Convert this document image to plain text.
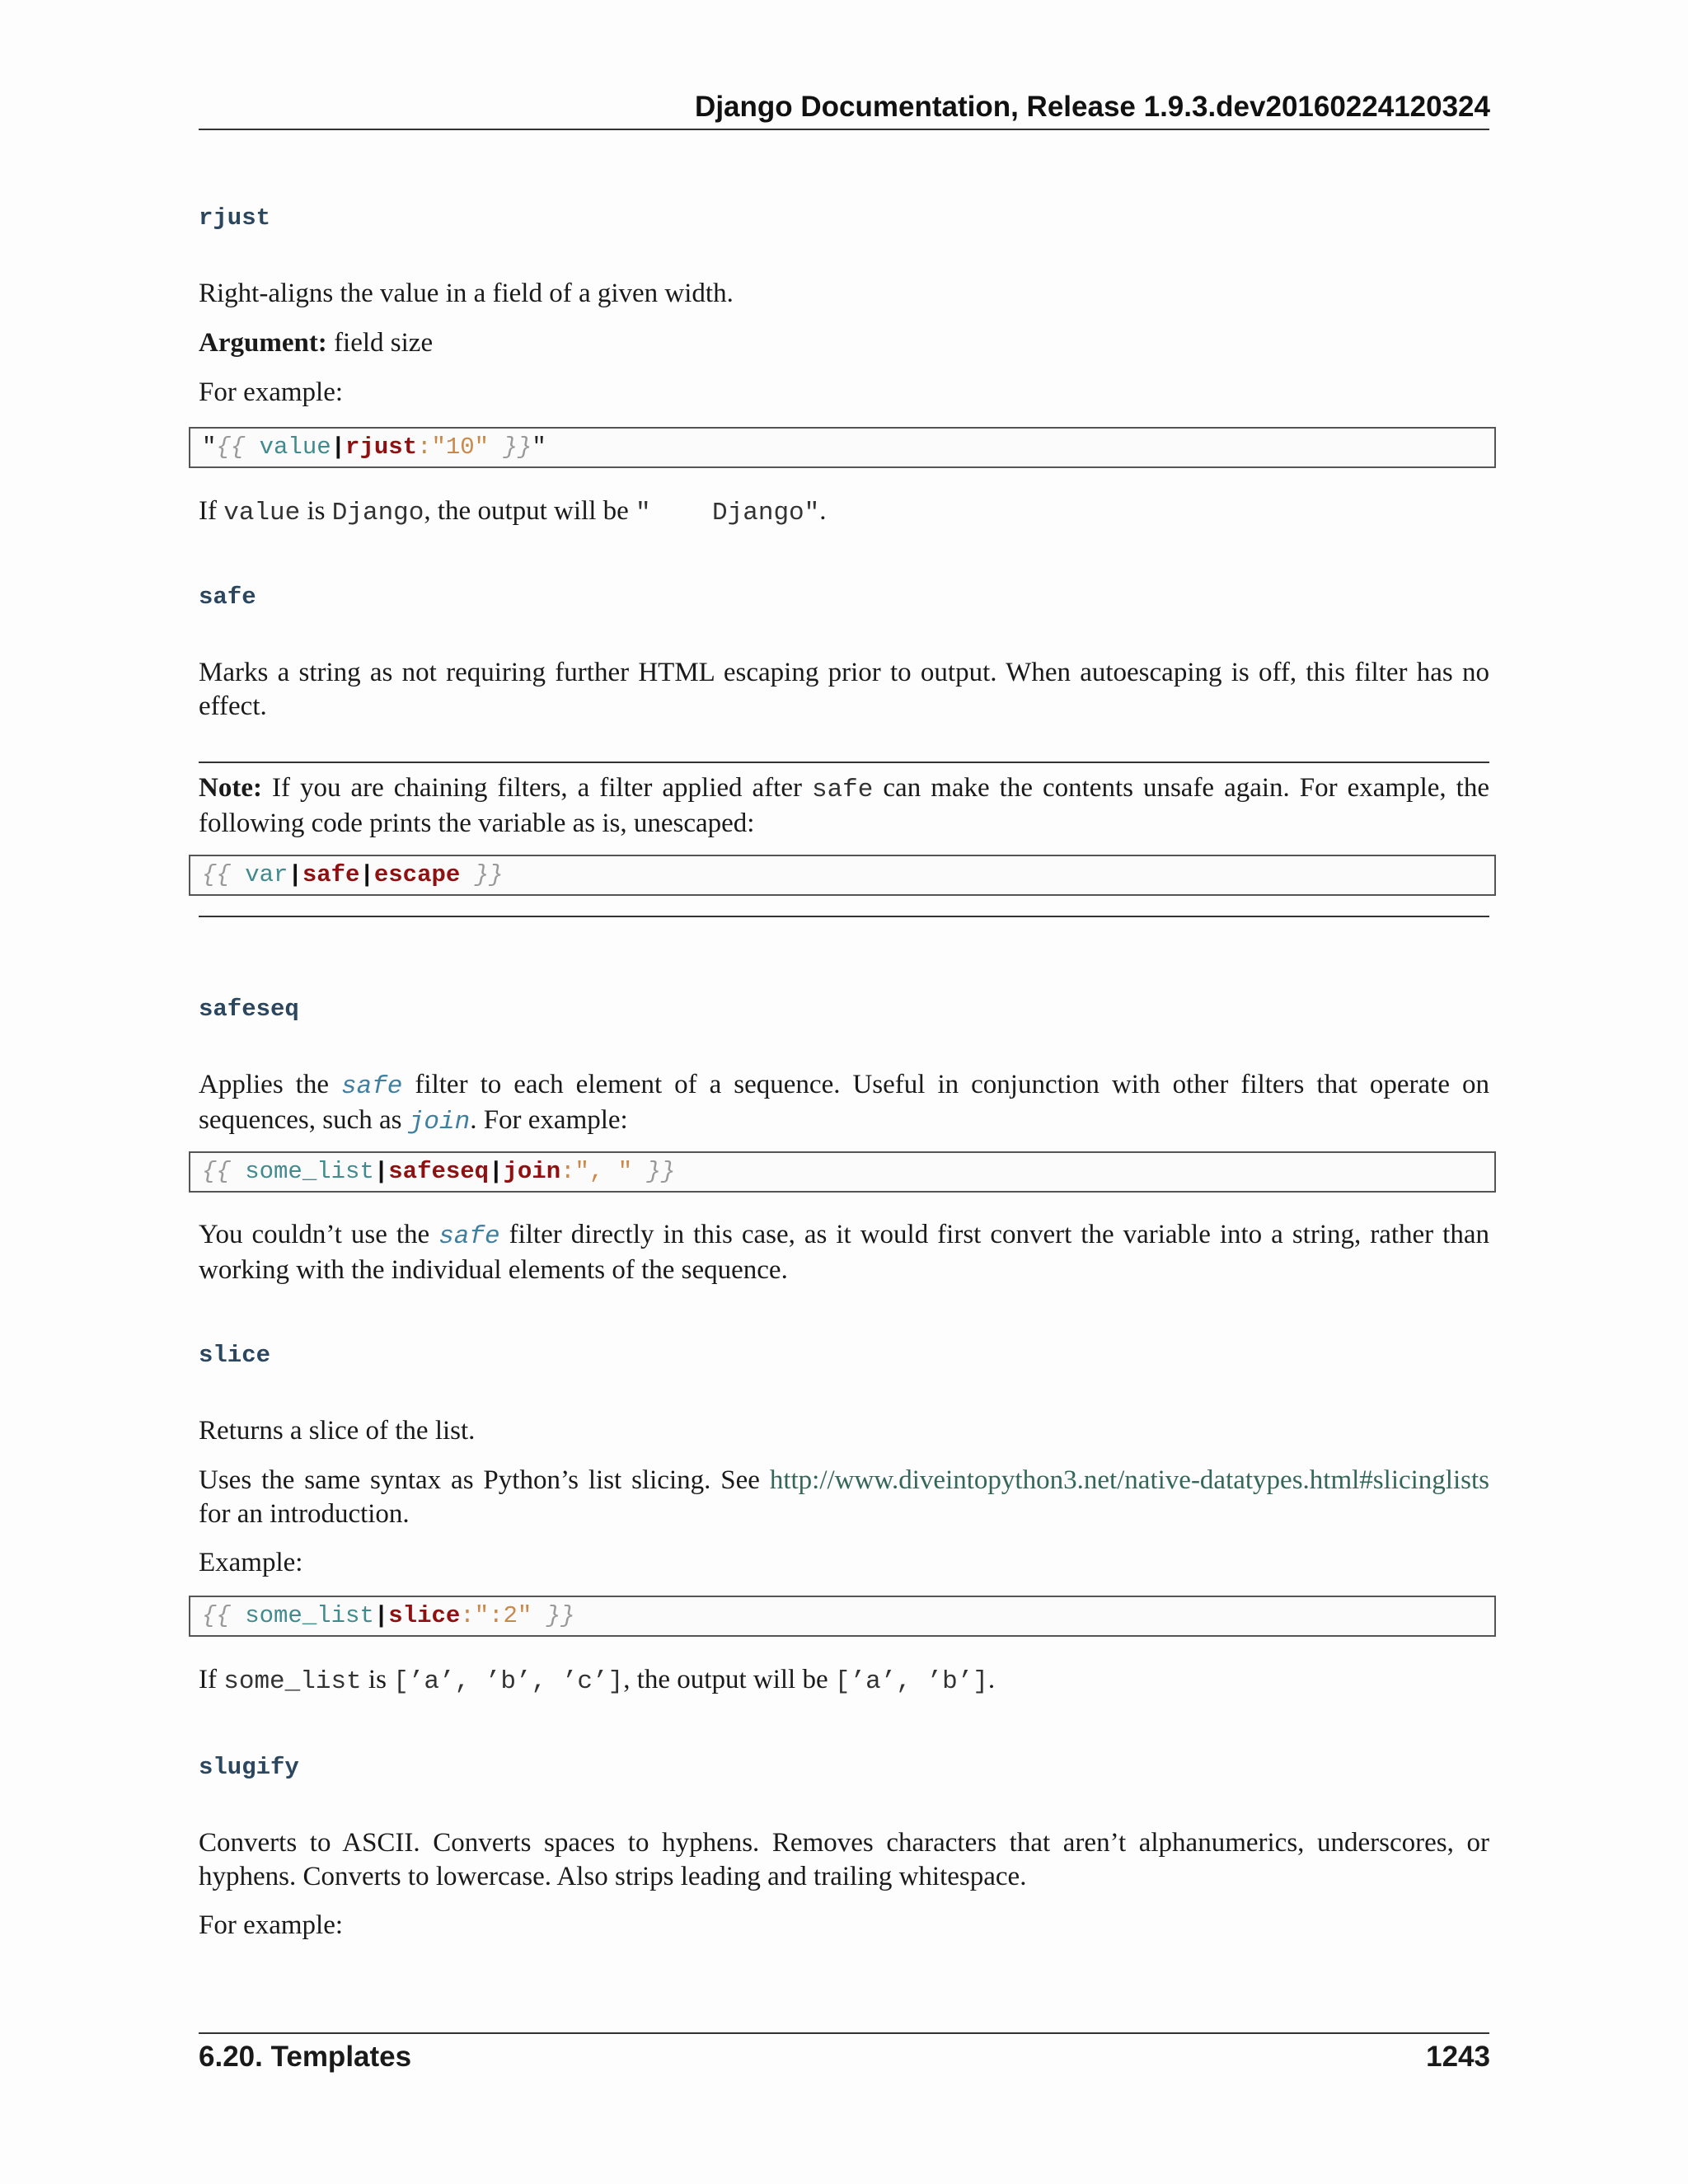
Django Documentation, Release 1.9.3.dev20160224120324
rjust
Right-aligns the value in a field of a given width.
Argument: field size
For example:
"{{ value|rjust:"10" }}"
If value is Django, the output will be "    Django".
safe
Marks a string as not requiring further HTML escaping prior to output. When autoescaping is off, this filter has no effect.
Note: If you are chaining filters, a filter applied after safe can make the contents unsafe again. For example, the following code prints the variable as is, unescaped:
{{ var|safe|escape }}
safeseq
Applies the safe filter to each element of a sequence. Useful in conjunction with other filters that operate on sequences, such as join. For example:
{{ some_list|safeseq|join:", " }}
You couldn’t use the safe filter directly in this case, as it would first convert the variable into a string, rather than working with the individual elements of the sequence.
slice
Returns a slice of the list.
Uses the same syntax as Python’s list slicing. See http://www.diveintopython3.net/native-datatypes.html#slicinglists for an introduction.
Example:
{{ some_list|slice:":2" }}
If some_list is [’a’, ’b’, ’c’], the output will be [’a’, ’b’].
slugify
Converts to ASCII. Converts spaces to hyphens. Removes characters that aren’t alphanumerics, underscores, or hyphens. Converts to lowercase. Also strips leading and trailing whitespace.
For example:
6.20. Templates	1243
